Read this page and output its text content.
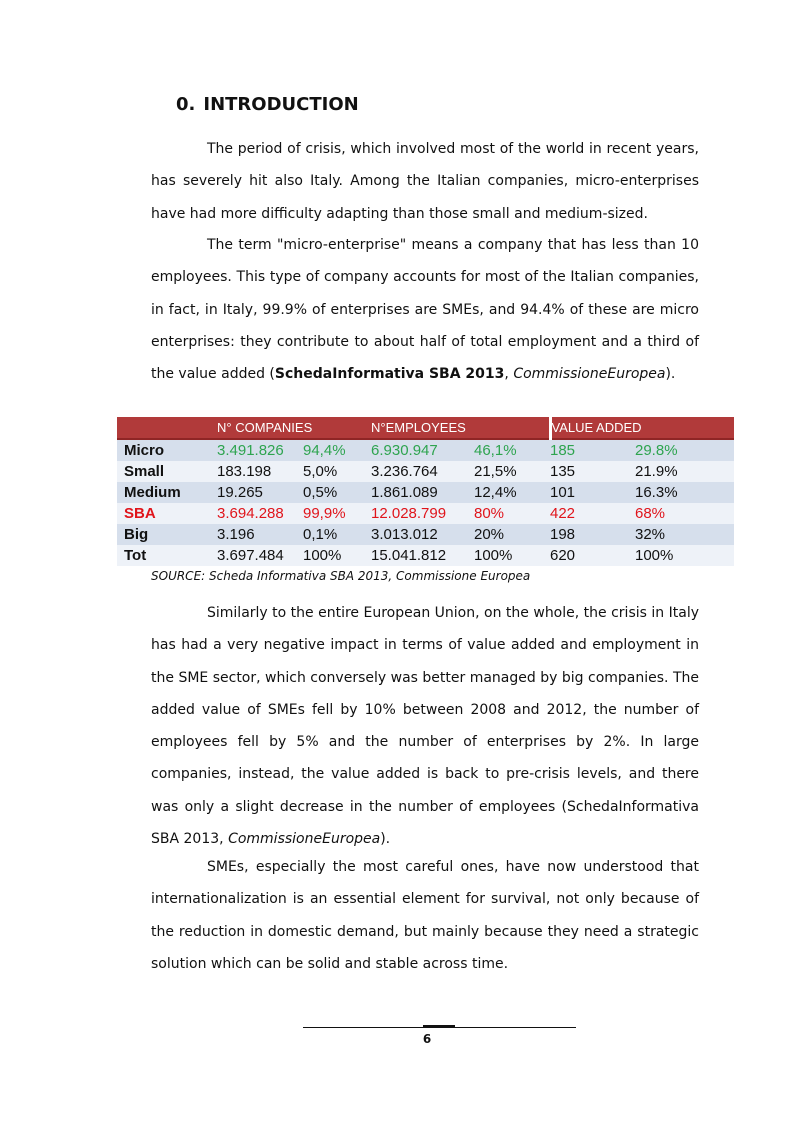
0. INTRODUCTION

The period of crisis, which involved most of the world in recent years, has severely hit also Italy. Among the Italian companies, micro-enterprises have had more difficulty adapting than those small and medium-sized.

The term "micro-enterprise" means a company that has less than 10 employees. This type of company accounts for most of the Italian companies, in fact, in Italy, 99.9% of enterprises are SMEs, and 94.4% of these are micro enterprises: they contribute to about half of total employment and a third of the value added (SchedaInformativa SBA 2013, CommissioneEuropea).

	N° COMPANIES		N°EMPLOYEES		VALUE ADDED	
Micro	3.491.826	94,4%	6.930.947	46,1%	185	29.8%
Small	183.198	5,0%	3.236.764	21,5%	135	21.9%
Medium	19.265	0,5%	1.861.089	12,4%	101	16.3%
SBA	3.694.288	99,9%	12.028.799	80%	422	68%
Big	3.196	0,1%	3.013.012	20%	198	32%
Tot	3.697.484	100%	15.041.812	100%	620	100%

SOURCE: Scheda Informativa SBA 2013, Commissione Europea

Similarly to the entire European Union, on the whole, the crisis in Italy has had a very negative impact in terms of value added and employment in the SME sector, which conversely was better managed by big companies. The added value of SMEs fell by 10% between 2008 and 2012, the number of employees fell by 5% and the number of enterprises by 2%. In large companies, instead, the value added is back to pre-crisis levels, and there was only a slight decrease in the number of employees (SchedaInformativa SBA 2013, CommissioneEuropea).

SMEs, especially the most careful ones, have now understood that internationalization is an essential element for survival, not only because of the reduction in domestic demand, but mainly because they need a strategic solution which can be solid and stable across time.

6
